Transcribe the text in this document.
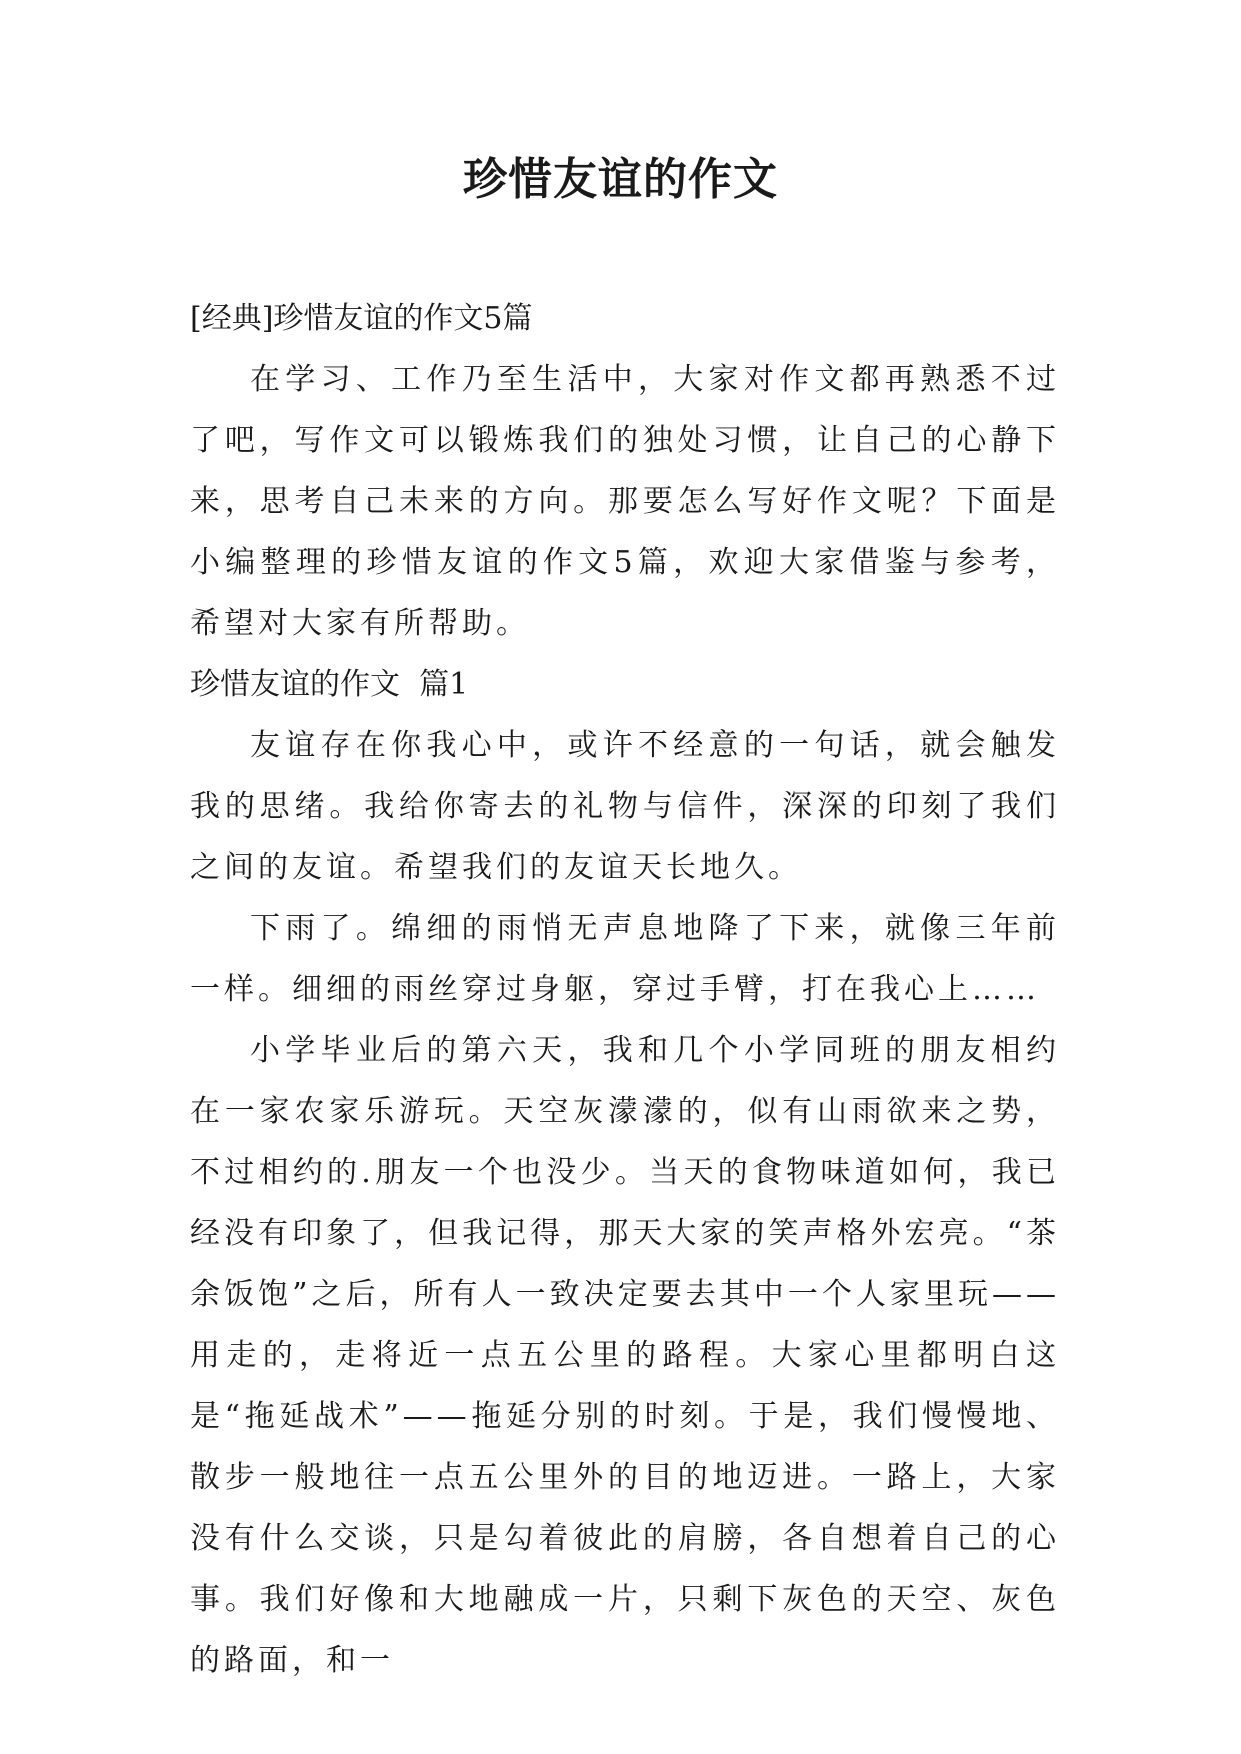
珍惜友谊的作文

[经典]珍惜友谊的作文5篇

在学习、工作乃至生活中，大家对作文都再熟悉不过了吧，写作文可以锻炼我们的独处习惯，让自己的心静下来，思考自己未来的方向。那要怎么写好作文呢？下面是小编整理的珍惜友谊的作文5篇，欢迎大家借鉴与参考，希望对大家有所帮助。

珍惜友谊的作文  篇1

友谊存在你我心中，或许不经意的一句话，就会触发我的思绪。我给你寄去的礼物与信件，深深的印刻了我们之间的友谊。希望我们的友谊天长地久。

下雨了。绵细的雨悄无声息地降了下来，就像三年前一样。细细的雨丝穿过身躯，穿过手臂，打在我心上……

小学毕业后的第六天，我和几个小学同班的朋友相约在一家农家乐游玩。天空灰濛濛的，似有山雨欲来之势，不过相约的.朋友一个也没少。当天的食物味道如何，我已经没有印象了，但我记得，那天大家的笑声格外宏亮。“茶余饭饱”之后，所有人一致决定要去其中一个人家里玩——用走的，走将近一点五公里的路程。大家心里都明白这是“拖延战术”——拖延分别的时刻。于是，我们慢慢地、散步一般地往一点五公里外的目的地迈进。一路上，大家没有什么交谈，只是勾着彼此的肩膀，各自想着自己的心事。我们好像和大地融成一片，只剩下灰色的天空、灰色的路面，和一
